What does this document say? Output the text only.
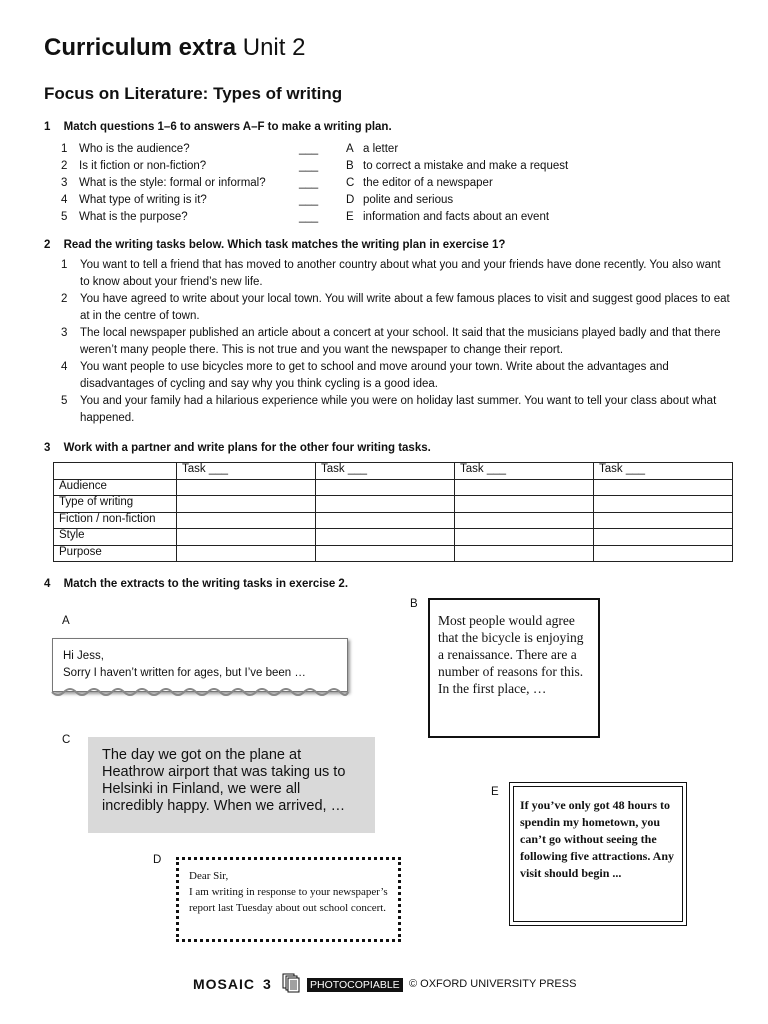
Curriculum extra Unit 2
Focus on Literature: Types of writing
1 Match questions 1–6 to answers A–F to make a writing plan.
1 Who is the audience?	___ A a letter
2 Is it fiction or non-fiction?	___ B to correct a mistake and make a request
3 What is the style: formal or informal?	___ C the editor of a newspaper
4 What type of writing is it?	___ D polite and serious
5 What is the purpose?	___ E information and facts about an event
2 Read the writing tasks below. Which task matches the writing plan in exercise 1?
1 You want to tell a friend that has moved to another country about what you and your friends have done recently. You also want to know about your friend’s new life.
2 You have agreed to write about your local town. You will write about a few famous places to visit and suggest good places to eat at in the centre of town.
3 The local newspaper published an article about a concert at your school. It said that the musicians played badly and that there weren’t many people there. This is not true and you want the newspaper to change their report.
4 You want people to use bicycles more to get to school and move around your town. Write about the advantages and disadvantages of cycling and say why you think cycling is a good idea.
5 You and your family had a hilarious experience while you were on holiday last summer. You want to tell your class about what happened.
3 Work with a partner and write plans for the other four writing tasks.
	Task ___	Task ___	Task ___	Task ___
Audience				
Type of writing				
Fiction / non-fiction				
Style				
Purpose				
4 Match the extracts to the writing tasks in exercise 2.
A
Hi Jess,
Sorry I haven’t written for ages, but I’ve been …
B
Most people would agree that the bicycle is enjoying a renaissance. There are a number of reasons for this. In the first place, …
C
The day we got on the plane at Heathrow airport that was taking us to Helsinki in Finland, we were all incredibly happy. When we arrived, …
E
If you’ve only got 48 hours to spendin my hometown, you can’t go without seeing the following five attractions. Any visit should begin ...
D
Dear Sir,
I am writing in response to your newspaper’s report last Tuesday about out school concert.
MOSAIC 3	PHOTOCOPIABLE © OXFORD UNIVERSITY PRESS
